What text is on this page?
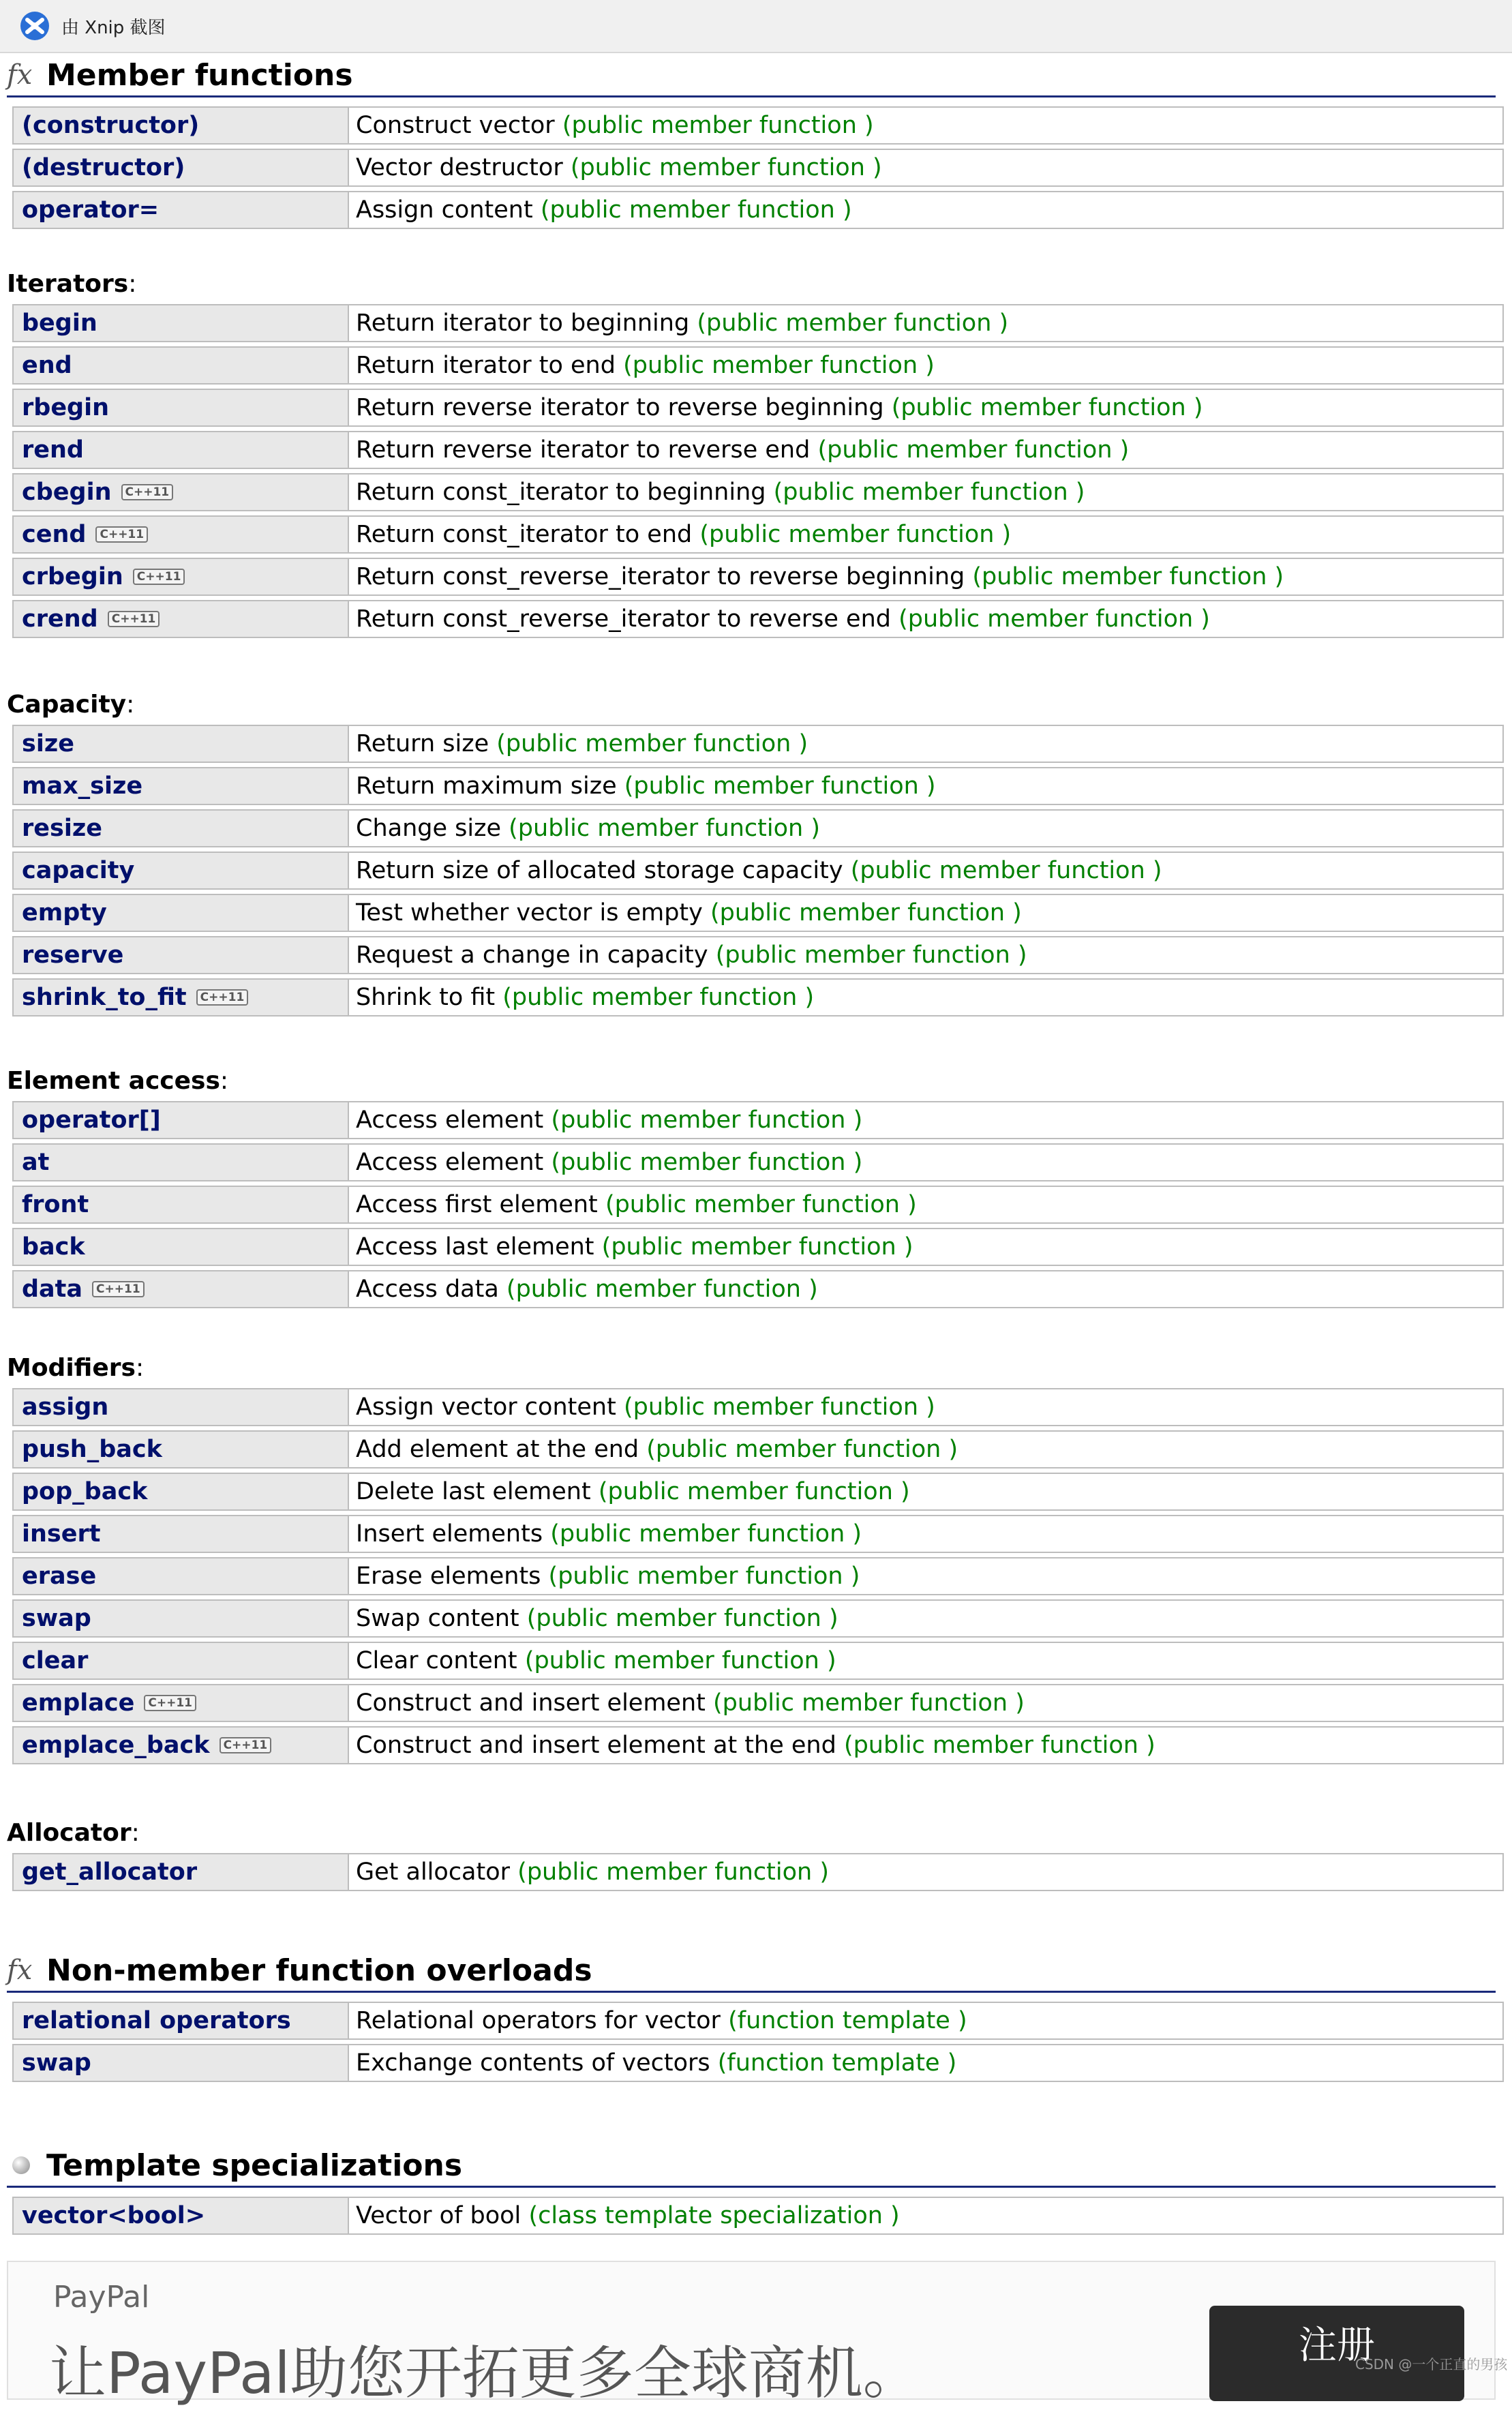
由 Xnip 截图
fx Member functions
(constructor)	Construct vector (public member function )
(destructor)	Vector destructor (public member function )
operator=	Assign content (public member function )
Iterators:
begin	Return iterator to beginning (public member function )
end	Return iterator to end (public member function )
rbegin	Return reverse iterator to reverse beginning (public member function )
rend	Return reverse iterator to reverse end (public member function )
cbegin C++11	Return const_iterator to beginning (public member function )
cend C++11	Return const_iterator to end (public member function )
crbegin C++11	Return const_reverse_iterator to reverse beginning (public member function )
crend C++11	Return const_reverse_iterator to reverse end (public member function )
Capacity:
size	Return size (public member function )
max_size	Return maximum size (public member function )
resize	Change size (public member function )
capacity	Return size of allocated storage capacity (public member function )
empty	Test whether vector is empty (public member function )
reserve	Request a change in capacity (public member function )
shrink_to_fit C++11	Shrink to fit (public member function )
Element access:
operator[]	Access element (public member function )
at	Access element (public member function )
front	Access first element (public member function )
back	Access last element (public member function )
data C++11	Access data (public member function )
Modifiers:
assign	Assign vector content (public member function )
push_back	Add element at the end (public member function )
pop_back	Delete last element (public member function )
insert	Insert elements (public member function )
erase	Erase elements (public member function )
swap	Swap content (public member function )
clear	Clear content (public member function )
emplace C++11	Construct and insert element (public member function )
emplace_back C++11	Construct and insert element at the end (public member function )
Allocator:
get_allocator	Get allocator (public member function )
fx Non-member function overloads
relational operators	Relational operators for vector (function template )
swap	Exchange contents of vectors (function template )
Template specializations
vector<bool>	Vector of bool (class template specialization )
PayPal
让PayPal助您开拓更多全球商机。	注册
CSDN @一个正直的男孩
